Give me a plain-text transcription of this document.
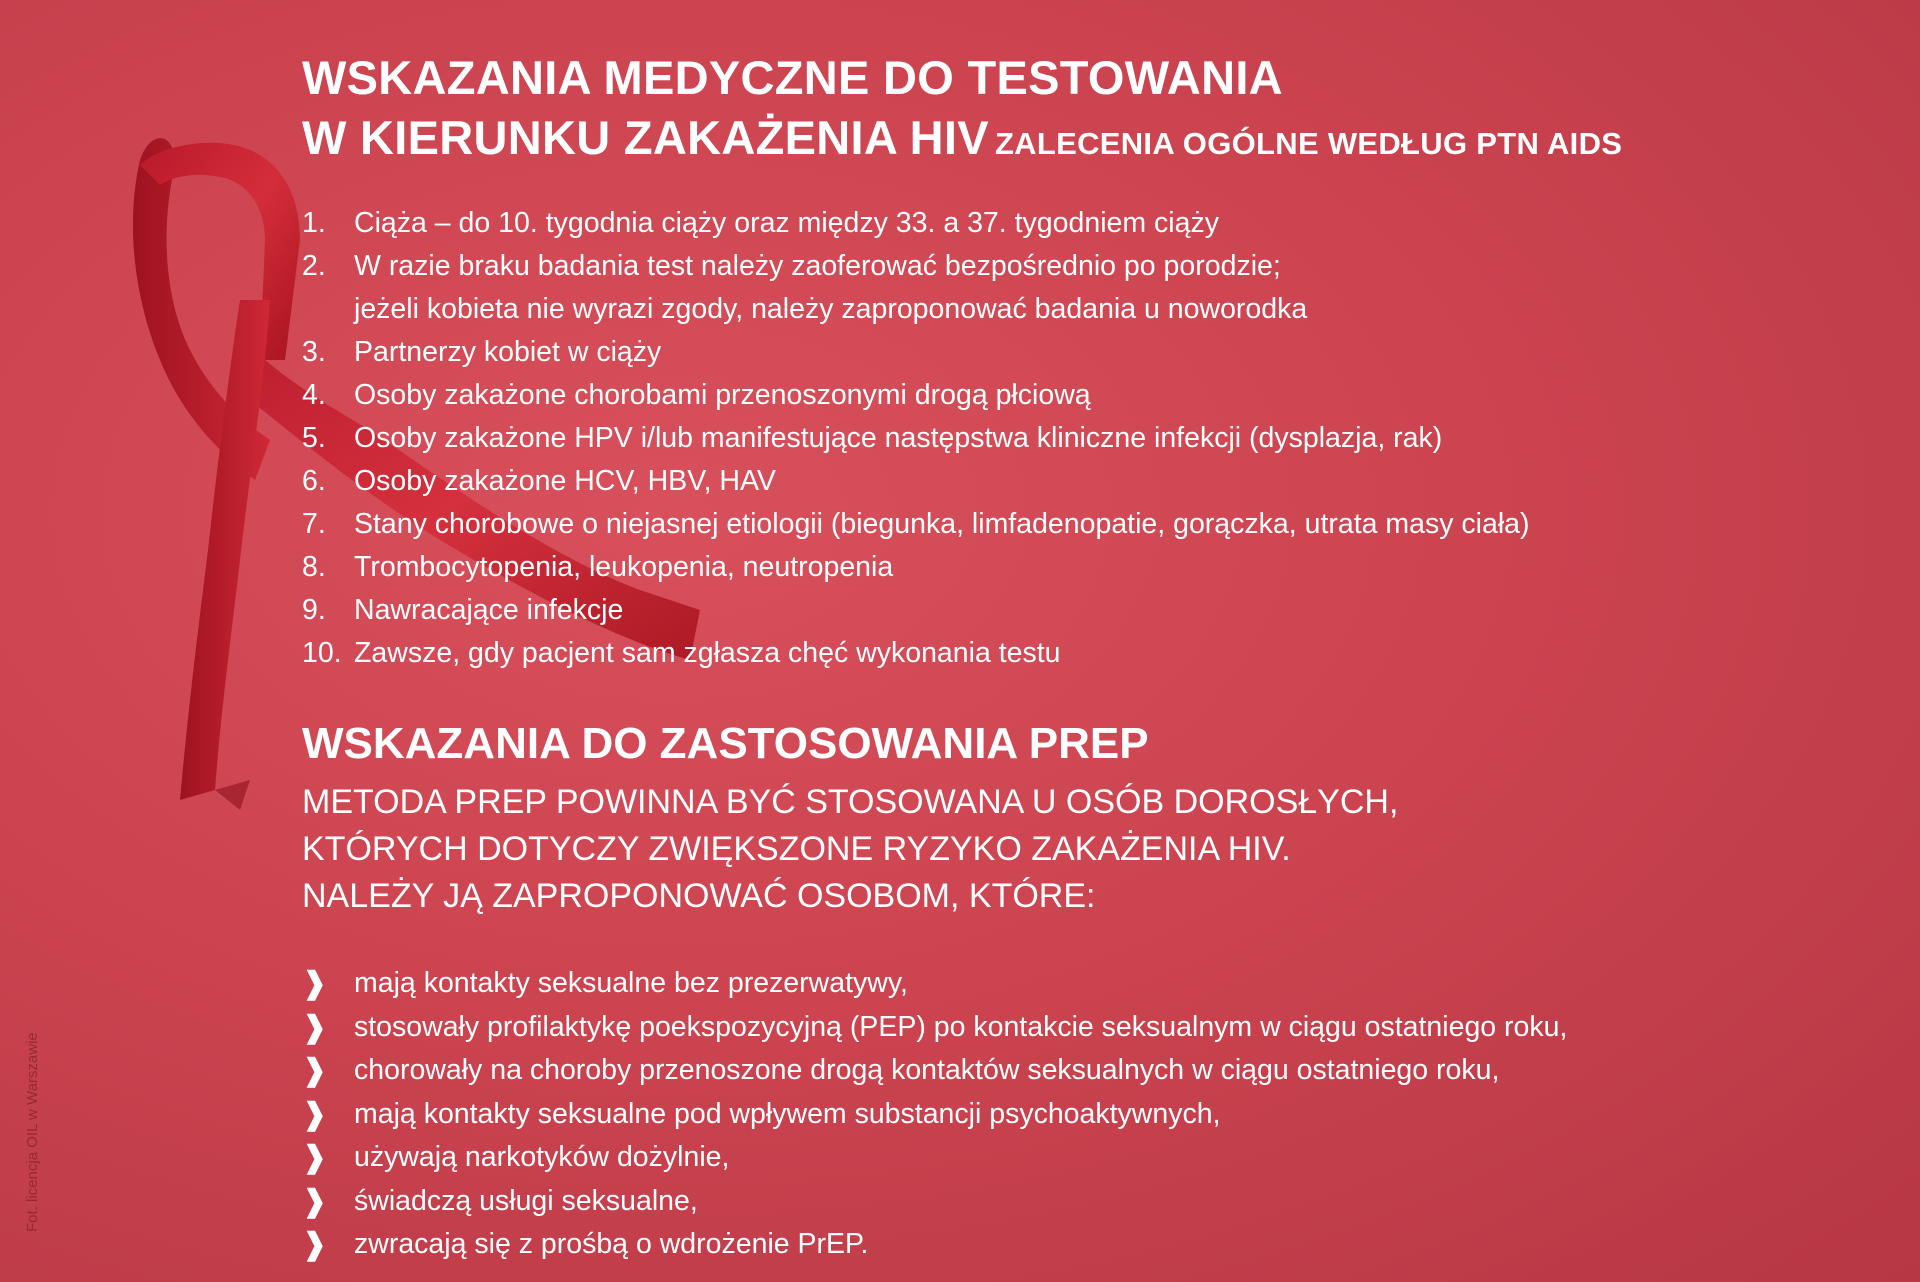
WSKAZANIA MEDYCZNE DO TESTOWANIA
W KIERUNKU ZAKAŻENIA HIV ZALECENIA OGÓLNE WEDŁUG PTN AIDS
1. Ciąża – do 10. tygodnia ciąży oraz między 33. a 37. tygodniem ciąży
2. W razie braku badania test należy zaoferować bezpośrednio po porodzie;
jeżeli kobieta nie wyrazi zgody, należy zaproponować badania u noworodka
3. Partnerzy kobiet w ciąży
4. Osoby zakażone chorobami przenoszonymi drogą płciową
5. Osoby zakażone HPV i/lub manifestujące następstwa kliniczne infekcji (dysplazja, rak)
6. Osoby zakażone HCV, HBV, HAV
7. Stany chorobowe o niejasnej etiologii (biegunka, limfadenopatie, gorączka, utrata masy ciała)
8. Trombocytopenia, leukopenia, neutropenia
9. Nawracające infekcje
10. Zawsze, gdy pacjent sam zgłasza chęć wykonania testu
WSKAZANIA DO ZASTOSOWANIA PREP
METODA PREP POWINNA BYĆ STOSOWANA U OSÓB DOROSŁYCH,
KTÓRYCH DOTYCZY ZWIĘKSZONE RYZYKO ZAKAŻENIA HIV.
NALEŻY JĄ ZAPROPONOWAĆ OSOBOM, KTÓRE:
❱ mają kontakty seksualne bez prezerwatywy,
❱ stosowały profilaktykę poekspozycyjną (PEP) po kontakcie seksualnym w ciągu ostatniego roku,
❱ chorowały na choroby przenoszone drogą kontaktów seksualnych w ciągu ostatniego roku,
❱ mają kontakty seksualne pod wpływem substancji psychoaktywnych,
❱ używają narkotyków dożylnie,
❱ świadczą usługi seksualne,
❱ zwracają się z prośbą o wdrożenie PrEP.
Fot. licencja OIL w Warszawie
